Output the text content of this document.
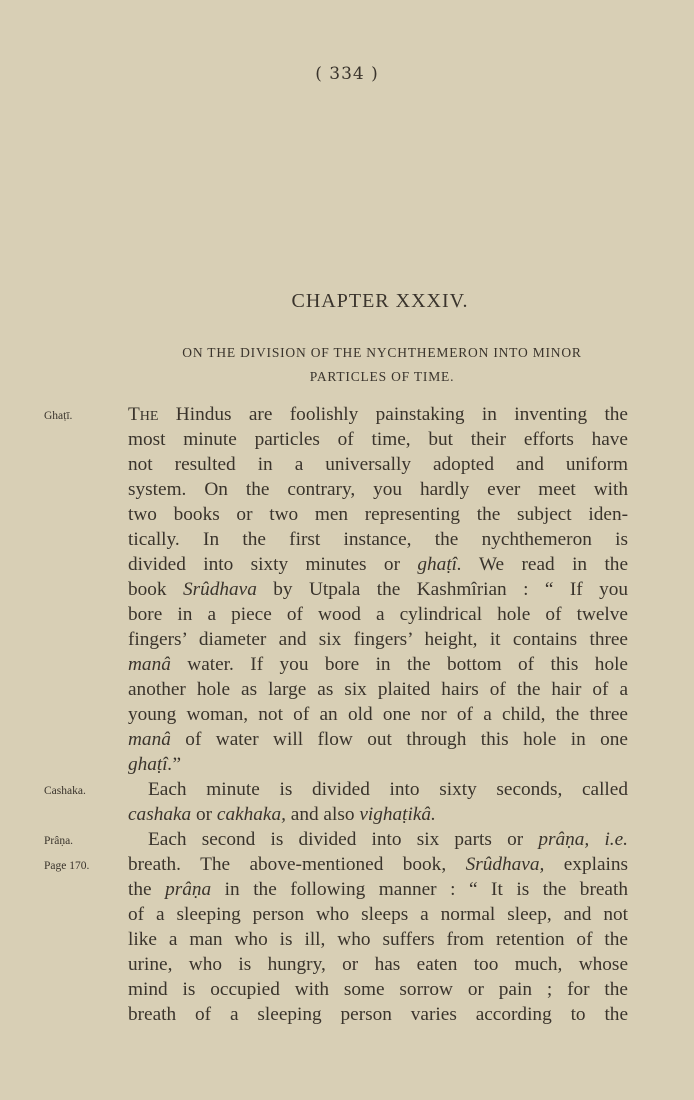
( 334 )
CHAPTER XXXIV.
ON THE DIVISION OF THE NYCHTHEMERON INTO MINOR
PARTICLES OF TIME.
Ghaṭī.
Cashaka.
Prâṇa.
Page 170.
The Hindus are foolishly painstaking in inventing the
most minute particles of time, but their efforts have
not resulted in a universally adopted and uniform
system. On the contrary, you hardly ever meet with
two books or two men representing the subject iden-
tically. In the first instance, the nychthemeron is
divided into sixty minutes or ghaṭî. We read in the
book Srûdhava by Utpala the Kashmîrian : “ If you
bore in a piece of wood a cylindrical hole of twelve
fingers’ diameter and six fingers’ height, it contains three
manâ water. If you bore in the bottom of this hole
another hole as large as six plaited hairs of the hair of a
young woman, not of an old one nor of a child, the three
manâ of water will flow out through this hole in one
ghaṭî.”
Each minute is divided into sixty seconds, called
cashaka or cakhaka, and also vighaṭikâ.
Each second is divided into six parts or prâṇa, i.e.
breath. The above-mentioned book, Srûdhava, explains
the prâṇa in the following manner : “ It is the breath
of a sleeping person who sleeps a normal sleep, and not
like a man who is ill, who suffers from retention of the
urine, who is hungry, or has eaten too much, whose
mind is occupied with some sorrow or pain ; for the
breath of a sleeping person varies according to the
